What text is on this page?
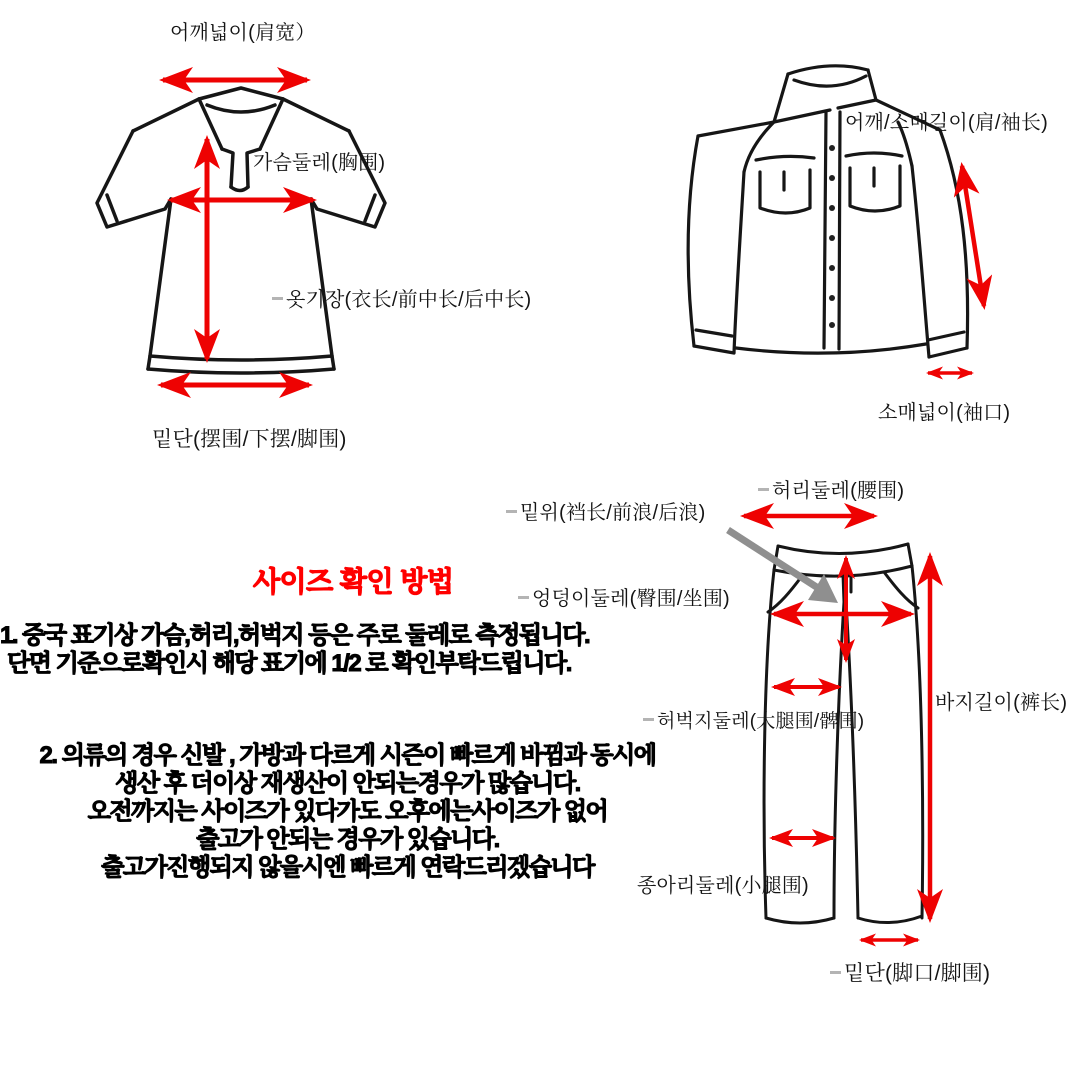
어깨넓이(肩宽）
가슴둘레(胸围)
옷기장(衣长/前中长/后中长)
밑단(摆围/下摆/脚围)
어깨/소매길이(肩/袖长)
소매넓이(袖口)
허리둘레(腰围)
밑위(裆长/前浪/后浪)
엉덩이둘레(臀围/坐围)
허벅지둘레(大腿围/髀围)
바지길이(裤长)
종아리둘레(小腿围)
밑단(脚口/脚围)
사이즈 확인 방법
1. 중국 표기상 가슴,허리,허벅지 등은 주로 둘레로 측정됩니다.
단면 기준으로확인시 해당 표기에 1/2 로 확인부탁드립니다.
2. 의류의 경우 신발 , 가방과 다르게 시즌이 빠르게 바뀜과 동시에
생산 후 더이상 재생산이 안되는경우가 많습니다.
오전까지는 사이즈가 있다가도 오후에는사이즈가 없어
출고가 안되는 경우가 있습니다.
출고가진행되지 않을시엔 빠르게 연락드리겠습니다
